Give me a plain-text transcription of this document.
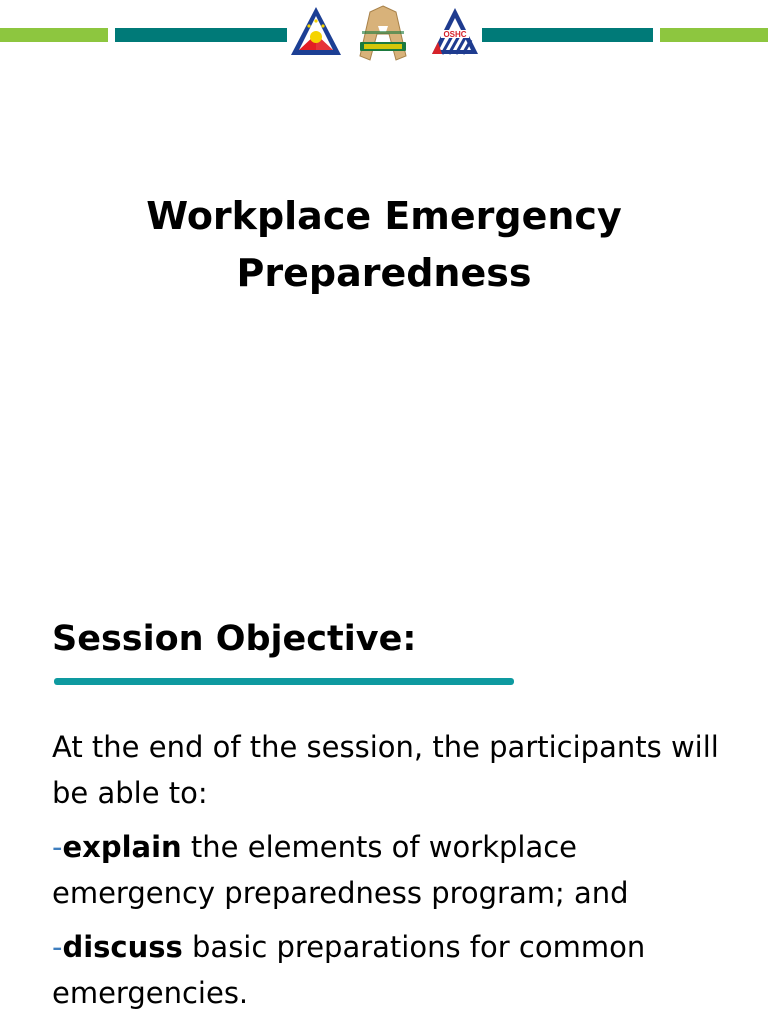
OSHC
Workplace Emergency
Preparedness
Session Objective:

At the end of the session, the participants will be able to:

-explain the elements of workplace emergency preparedness program; and

-discuss basic preparations for common emergencies.
